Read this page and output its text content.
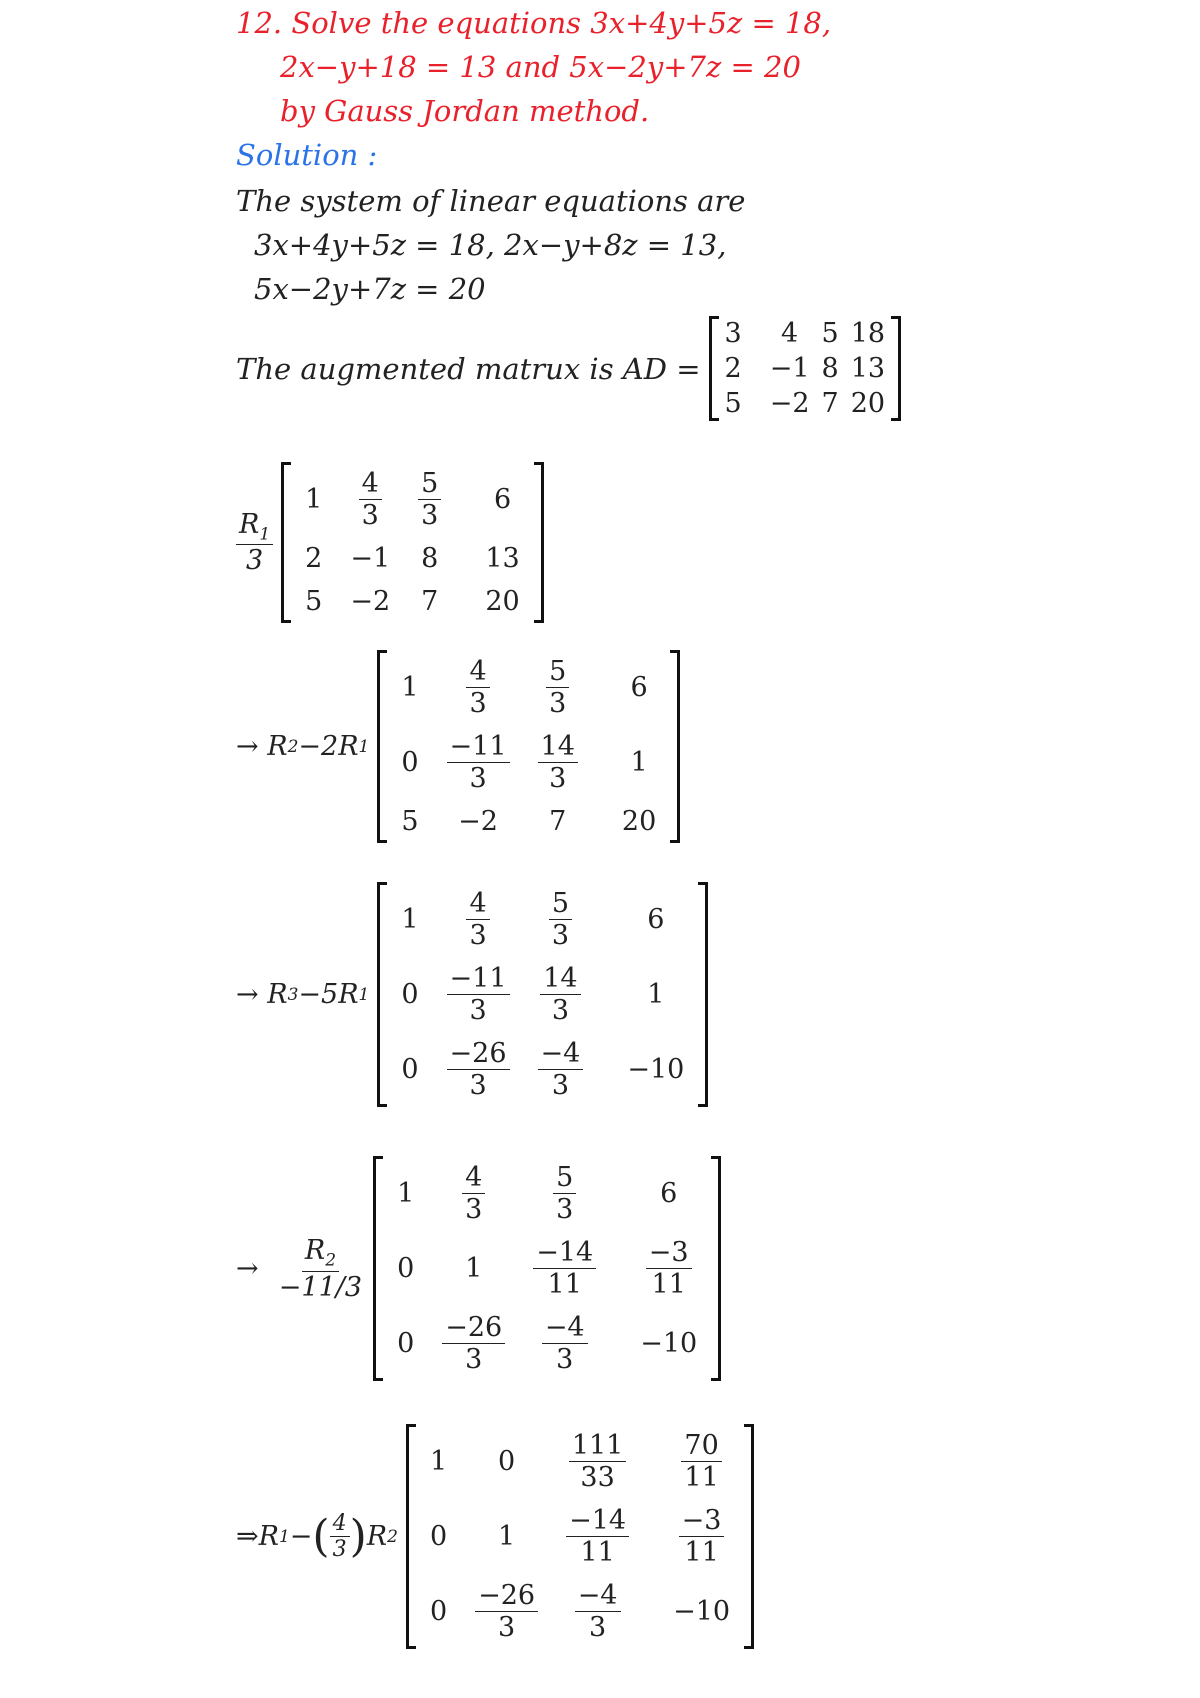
12. Solve the equations 3x+4y+5z = 18,
2x−y+18 = 13 and 5x−2y+7z = 20
by Gauss Jordan method.
Solution :
The system of linear equations are
3x+4y+5z = 18, 2x−y+8z = 13,
5x−2y+7z = 20
The augmented matrux is AD =
3	4	5	18
2	−1	8	13
5	−2	7	20
$\frac{R_1}{3}$
1	$\frac{4}{3}$	$\frac{5}{3}$	6
2	−1	8	13
5	−2	7	20
→
R 2 −2R 1
1	$\frac{4}{3}$	$\frac{5}{3}$	6
0	$\frac{-11}{3}$	$\frac{14}{3}$	1
5	−2	7	20
→
R 3 −5R 1
1	$\frac{4}{3}$	$\frac{5}{3}$	6
0	$\frac{-11}{3}$	$\frac{14}{3}$	1
0	$\frac{-26}{3}$	$\frac{-4}{3}$	−10
→
$\frac{R_2}{-11/3}$
1	$\frac{4}{3}$	$\frac{5}{3}$	6
0	1	$\frac{-14}{11}$	$\frac{-3}{11}$

0	$\frac{-26}{3}$	$\frac{-4}{3}$	−10
⇒ R 1 − ( $\frac{4}{3}$ ) R 2
1	0	$\frac{111}{33}$	$\frac{70}{11}$

0	1	$\frac{-14}{11}$	$\frac{-3}{11}$

0	$\frac{-26}{3}$	$\frac{-4}{3}$	−10
